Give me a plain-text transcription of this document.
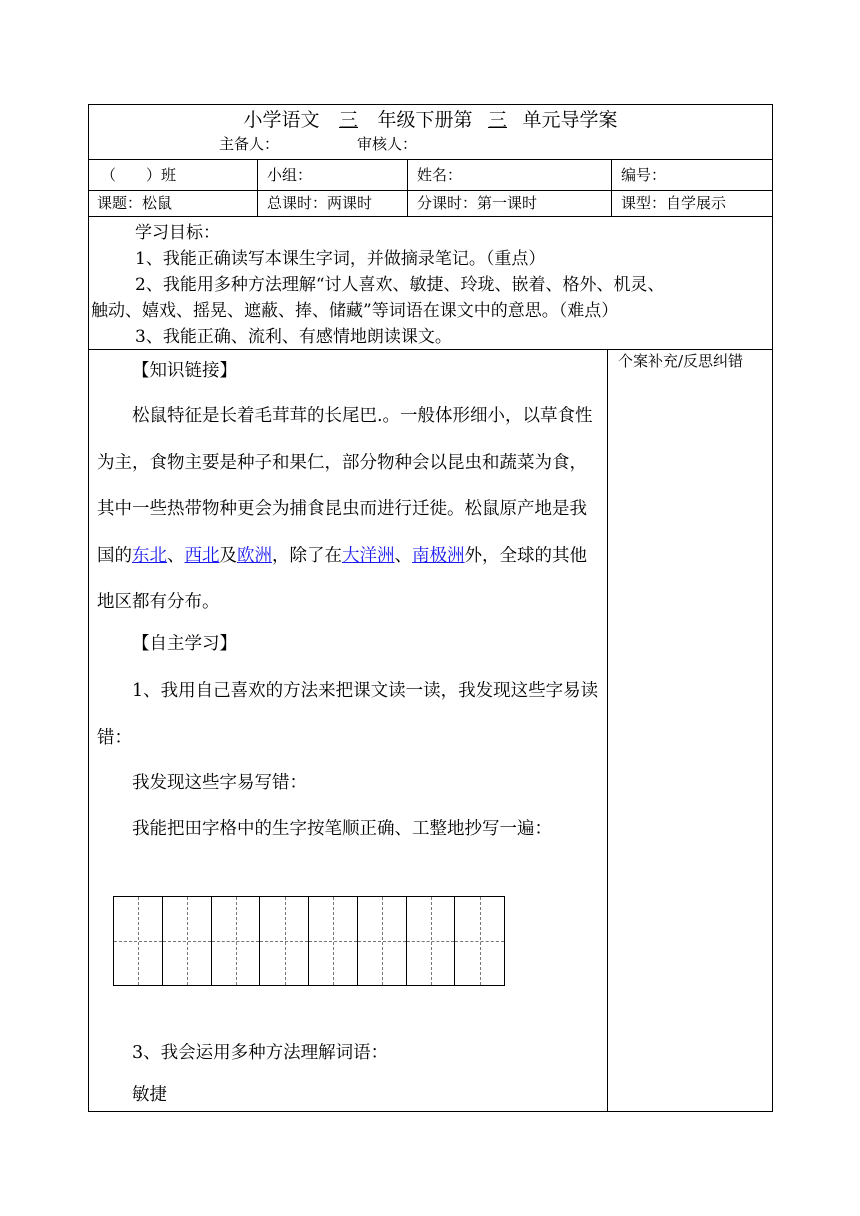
小学语文 三 年级下册第 三 单元导学案
主备人：	审核人：
（　　）班	小组：	姓名：	编号：
课题：松鼠	总课时：两课时	分课时：第一课时	课型：自学展示

学习目标：

1、我能正确读写本课生字词，并做摘录笔记。（重点）

2、我能用多种方法理解“讨人喜欢、敏捷、玲珑、嵌着、格外、机灵、

触动、嬉戏、摇晃、遮蔽、捧、储藏”等词语在课文中的意思。（难点）

3、我能正确、流利、有感情地朗读课文。

【知识链接】
松鼠特征是长着毛茸茸的长尾巴.。一般体形细小，以草食性为主，食物主要是种子和果仁，部分物种会以昆虫和蔬菜为食，其中一些热带物种更会为捕食昆虫而进行迁徙。松鼠原产地是我国的东北、西北及欧洲，除了在大洋洲、南极洲外，全球的其他地区都有分布。
【自主学习】
1、我用自己喜欢的方法来把课文读一读，我发现这些字易读错：
我发现这些字易写错：
我能把田字格中的生字按笔顺正确、工整地抄写一遍：
3、我会运用多种方法理解词语：
敏捷
个案补充/反思纠错
